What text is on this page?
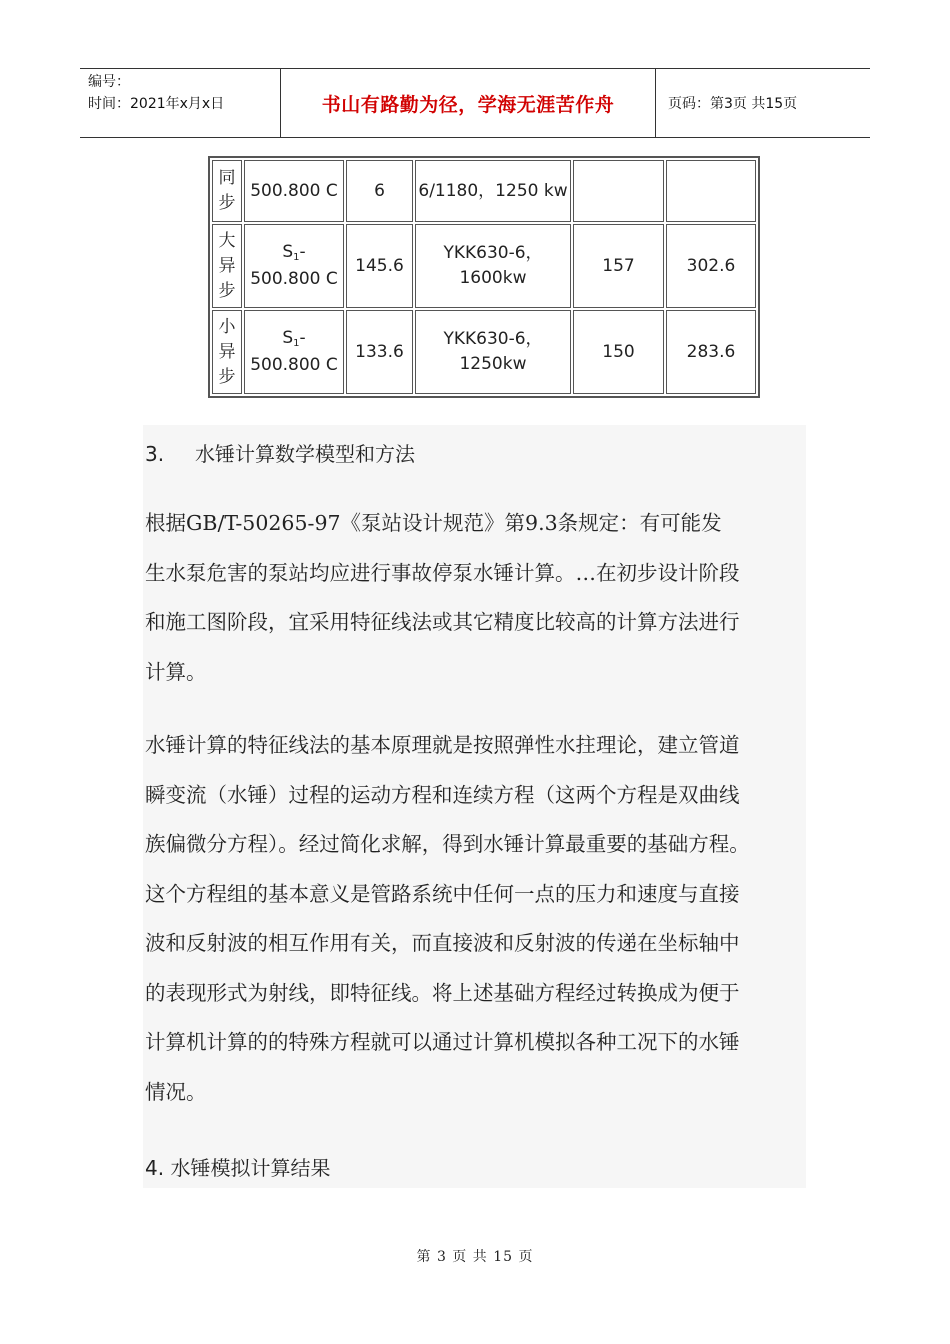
编号：
时间：2021年x月x日	书山有路勤为径，学海无涯苦作舟	页码：第3页 共15页
同步	500.800 C	6	6/1180，1250 kw		
大异步	$S_1-$ 500.800 C	145.6	YKK630-6，1600kw	157	302.6
小异步	$S_1-$ 500.800 C	133.6	YKK630-6，1250kw	150	283.6
3. 水锤计算数学模型和方法
根据GB/T-50265-97《泵站设计规范》第9.3条规定：有可能发
生水泵危害的泵站均应进行事故停泵水锤计算。…在初步设计阶段
和施工图阶段，宜采用特征线法或其它精度比较高的计算方法进行
计算。
水锤计算的特征线法的基本原理就是按照弹性水拄理论，建立管道
瞬变流（水锤）过程的运动方程和连续方程（这两个方程是双曲线
族偏微分方程）。经过简化求解，得到水锤计算最重要的基础方程。
这个方程组的基本意义是管路系统中任何一点的压力和速度与直接
波和反射波的相互作用有关，而直接波和反射波的传递在坐标轴中
的表现形式为射线，即特征线。将上述基础方程经过转换成为便于
计算机计算的的特殊方程就可以通过计算机模拟各种工况下的水锤
情况。
4. 水锤模拟计算结果
第 3 页 共 15 页
